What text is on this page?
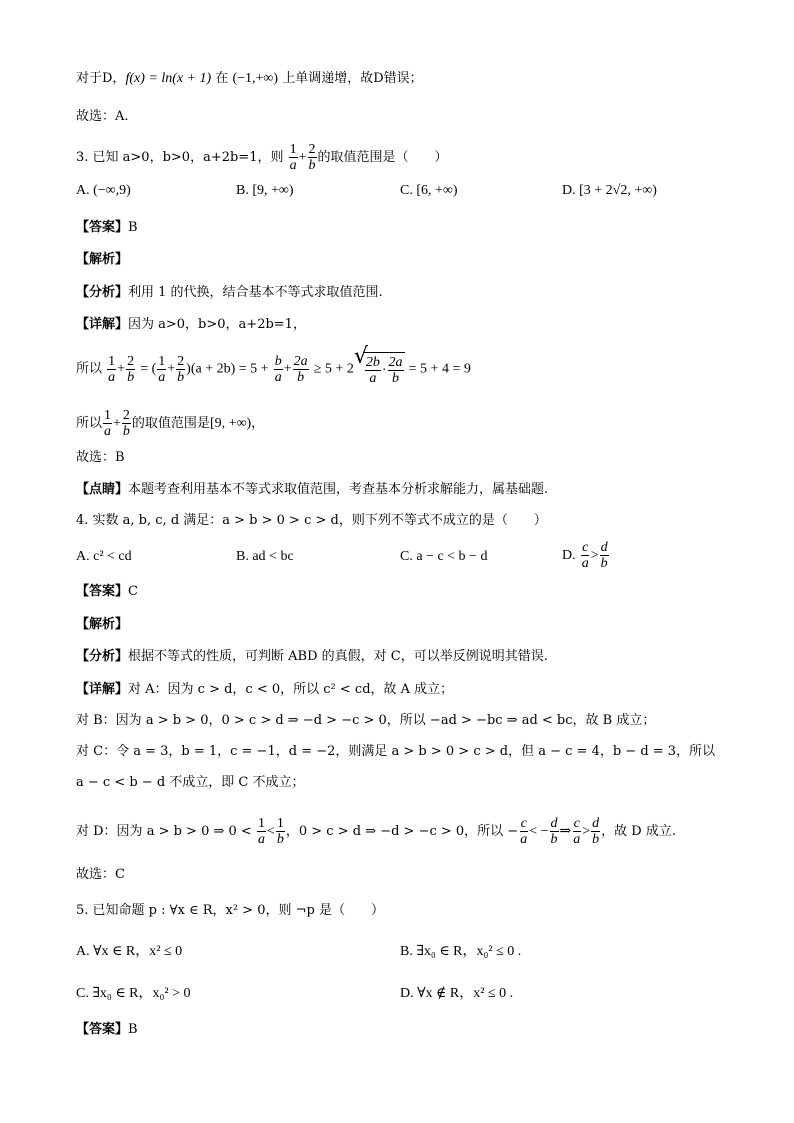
对于D，f(x) = ln(x + 1) 在 (−1,+∞) 上单调递增，故D错误；
故选：A.
3. 已知 a>0，b>0，a+2b=1，则 $\frac{1}{a} + \frac{2}{b}$ 的取值范围是（　　）
A. (−∞,9)	B. [9, +∞)	C. [6, +∞)	D. [3 + 2√2, +∞)
【答案】B
【解析】
【分析】利用 1 的代换，结合基本不等式求取值范围.
【详解】因为 a>0，b>0，a+2b=1，
所以 $\frac{1}{a} + \frac{2}{b}$ = ( $\frac{1}{a} + \frac{2}{b} )(a + 2b) = 5 + \frac{b}{a} + \frac{2a}{b} \ge 5 + 2$ √
$\frac{2b}{a} \cdot \frac{2a}{b} = 5 + 4 = 9$
所以 $\frac{1}{a} + \frac{2}{b}$ 的取值范围是[9, +∞)，
故选：B
【点睛】本题考查利用基本不等式求取值范围，考查基本分析求解能力，属基础题.
4. 实数 a, b, c, d 满足：a > b > 0 > c > d，则下列不等式不成立的是（　　）
A. c² < cd	B. ad < bc	C. a − c < b − d	D. $\frac{c}{a} > \frac{d}{b}$
【答案】C
【解析】
【分析】根据不等式的性质，可判断 ABD 的真假，对 C，可以举反例说明其错误.
【详解】对 A：因为 c > d，c < 0，所以 c² < cd，故 A 成立；
对 B：因为 a > b > 0，0 > c > d ⇒ −d > −c > 0，所以 −ad > −bc ⇒ ad < bc，故 B 成立；
对 C：令 a = 3，b = 1，c = −1，d = −2，则满足 a > b > 0 > c > d，但 a − c = 4，b − d = 3，所以
a − c < b − d 不成立，即 C 不成立；
对 D：因为 a > b > 0 ⇒ $0 < \frac{1}{a} < \frac{1}{b}$ ，0 > c > d ⇒ −d > −c > 0，所以 − $\frac{c}{a}$ < − $\frac{d}{b}$ ⇒ $\frac{c}{a} > \frac{d}{b}$ ，故 D 成立.
故选：C
5. 已知命题 p : ∀x ∈ R，x² > 0，则 ¬p 是（　　）
A. ∀x ∈ R，x² ≤ 0	B. ∃x₀ ∈ R，x₀² ≤ 0 .
C. ∃x₀ ∈ R，x₀² > 0	D. ∀x ∉ R，x² ≤ 0 .
【答案】B
